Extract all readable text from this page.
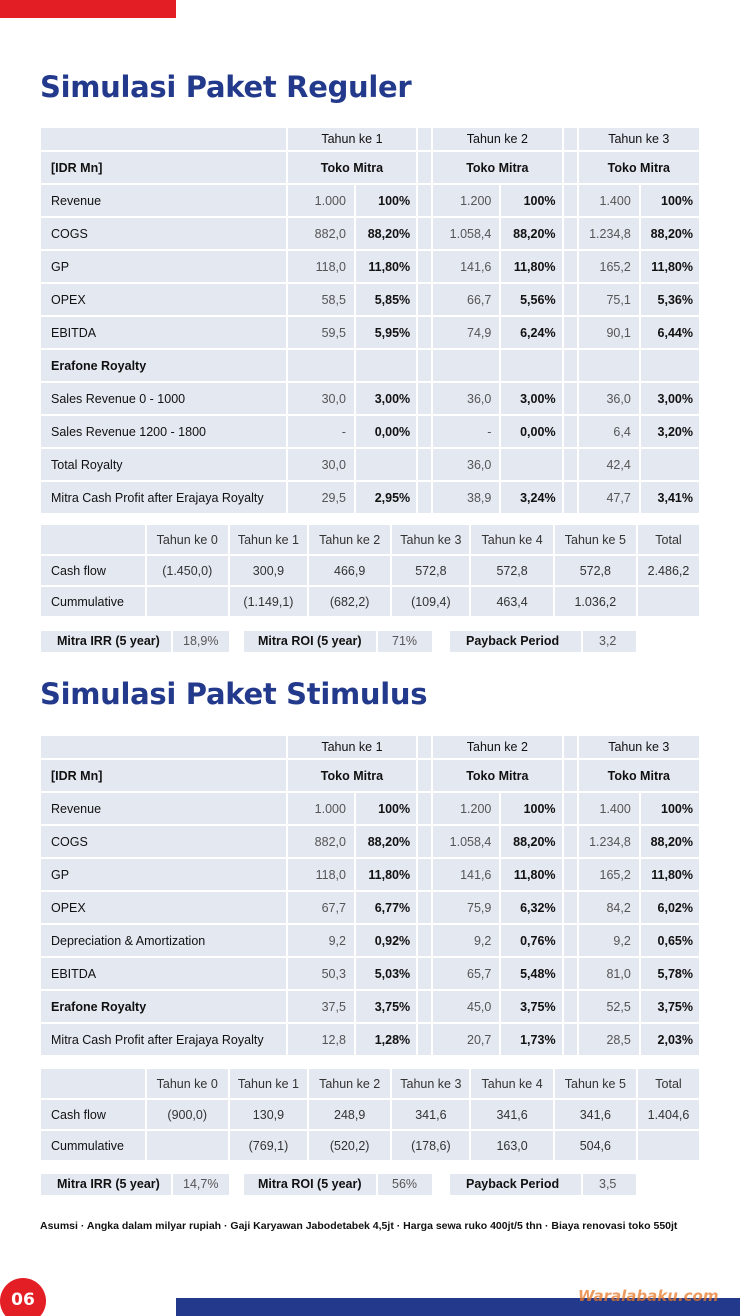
Simulasi Paket Reguler
	Tahun ke 1			Tahun ke 2			Tahun ke 3	
[IDR Mn]	Toko Mitra			Toko Mitra			Toko Mitra	
Revenue	1.000	100%		1.200	100%		1.400	100%
COGS	882,0	88,20%		1.058,4	88,20%		1.234,8	88,20%
GP	118,0	11,80%		141,6	11,80%		165,2	11,80%
OPEX	58,5	5,85%		66,7	5,56%		75,1	5,36%
EBITDA	59,5	5,95%		74,9	6,24%		90,1	6,44%
Erafone Royalty								
Sales Revenue 0 - 1000	30,0	3,00%		36,0	3,00%		36,0	3,00%
Sales Revenue 1200 - 1800	-	0,00%		-	0,00%		6,4	3,20%
Total Royalty	30,0			36,0			42,4	
Mitra Cash Profit after Erajaya Royalty	29,5	2,95%		38,9	3,24%		47,7	3,41%
	Tahun ke 0	Tahun ke 1	Tahun ke 2	Tahun ke 3	Tahun ke 4	Tahun ke 5	Total
Cash flow	(1.450,0)	300,9	466,9	572,8	572,8	572,8	2.486,2
Cummulative		(1.149,1)	(682,2)	(109,4)	463,4	1.036,2	
Mitra IRR (5 year)	18,9%	Mitra ROI (5 year)	71%	Payback Period	3,2
Simulasi Paket Stimulus
	Tahun ke 1			Tahun ke 2			Tahun ke 3	
[IDR Mn]	Toko Mitra			Toko Mitra			Toko Mitra	
Revenue	1.000	100%		1.200	100%		1.400	100%
COGS	882,0	88,20%		1.058,4	88,20%		1.234,8	88,20%
GP	118,0	11,80%		141,6	11,80%		165,2	11,80%
OPEX	67,7	6,77%		75,9	6,32%		84,2	6,02%
Depreciation & Amortization	9,2	0,92%		9,2	0,76%		9,2	0,65%
EBITDA	50,3	5,03%		65,7	5,48%		81,0	5,78%
Erafone Royalty	37,5	3,75%		45,0	3,75%		52,5	3,75%
Mitra Cash Profit after Erajaya Royalty	12,8	1,28%		20,7	1,73%		28,5	2,03%
	Tahun ke 0	Tahun ke 1	Tahun ke 2	Tahun ke 3	Tahun ke 4	Tahun ke 5	Total
Cash flow	(900,0)	130,9	248,9	341,6	341,6	341,6	1.404,6
Cummulative		(769,1)	(520,2)	(178,6)	163,0	504,6	
Mitra IRR (5 year)	14,7%	Mitra ROI (5 year)	56%	Payback Period	3,5
Asumsi · Angka dalam milyar rupiah · Gaji Karyawan Jabodetabek 4,5jt · Harga sewa ruko 400jt/5 thn · Biaya renovasi toko 550jt
06	Waralabaku.com
